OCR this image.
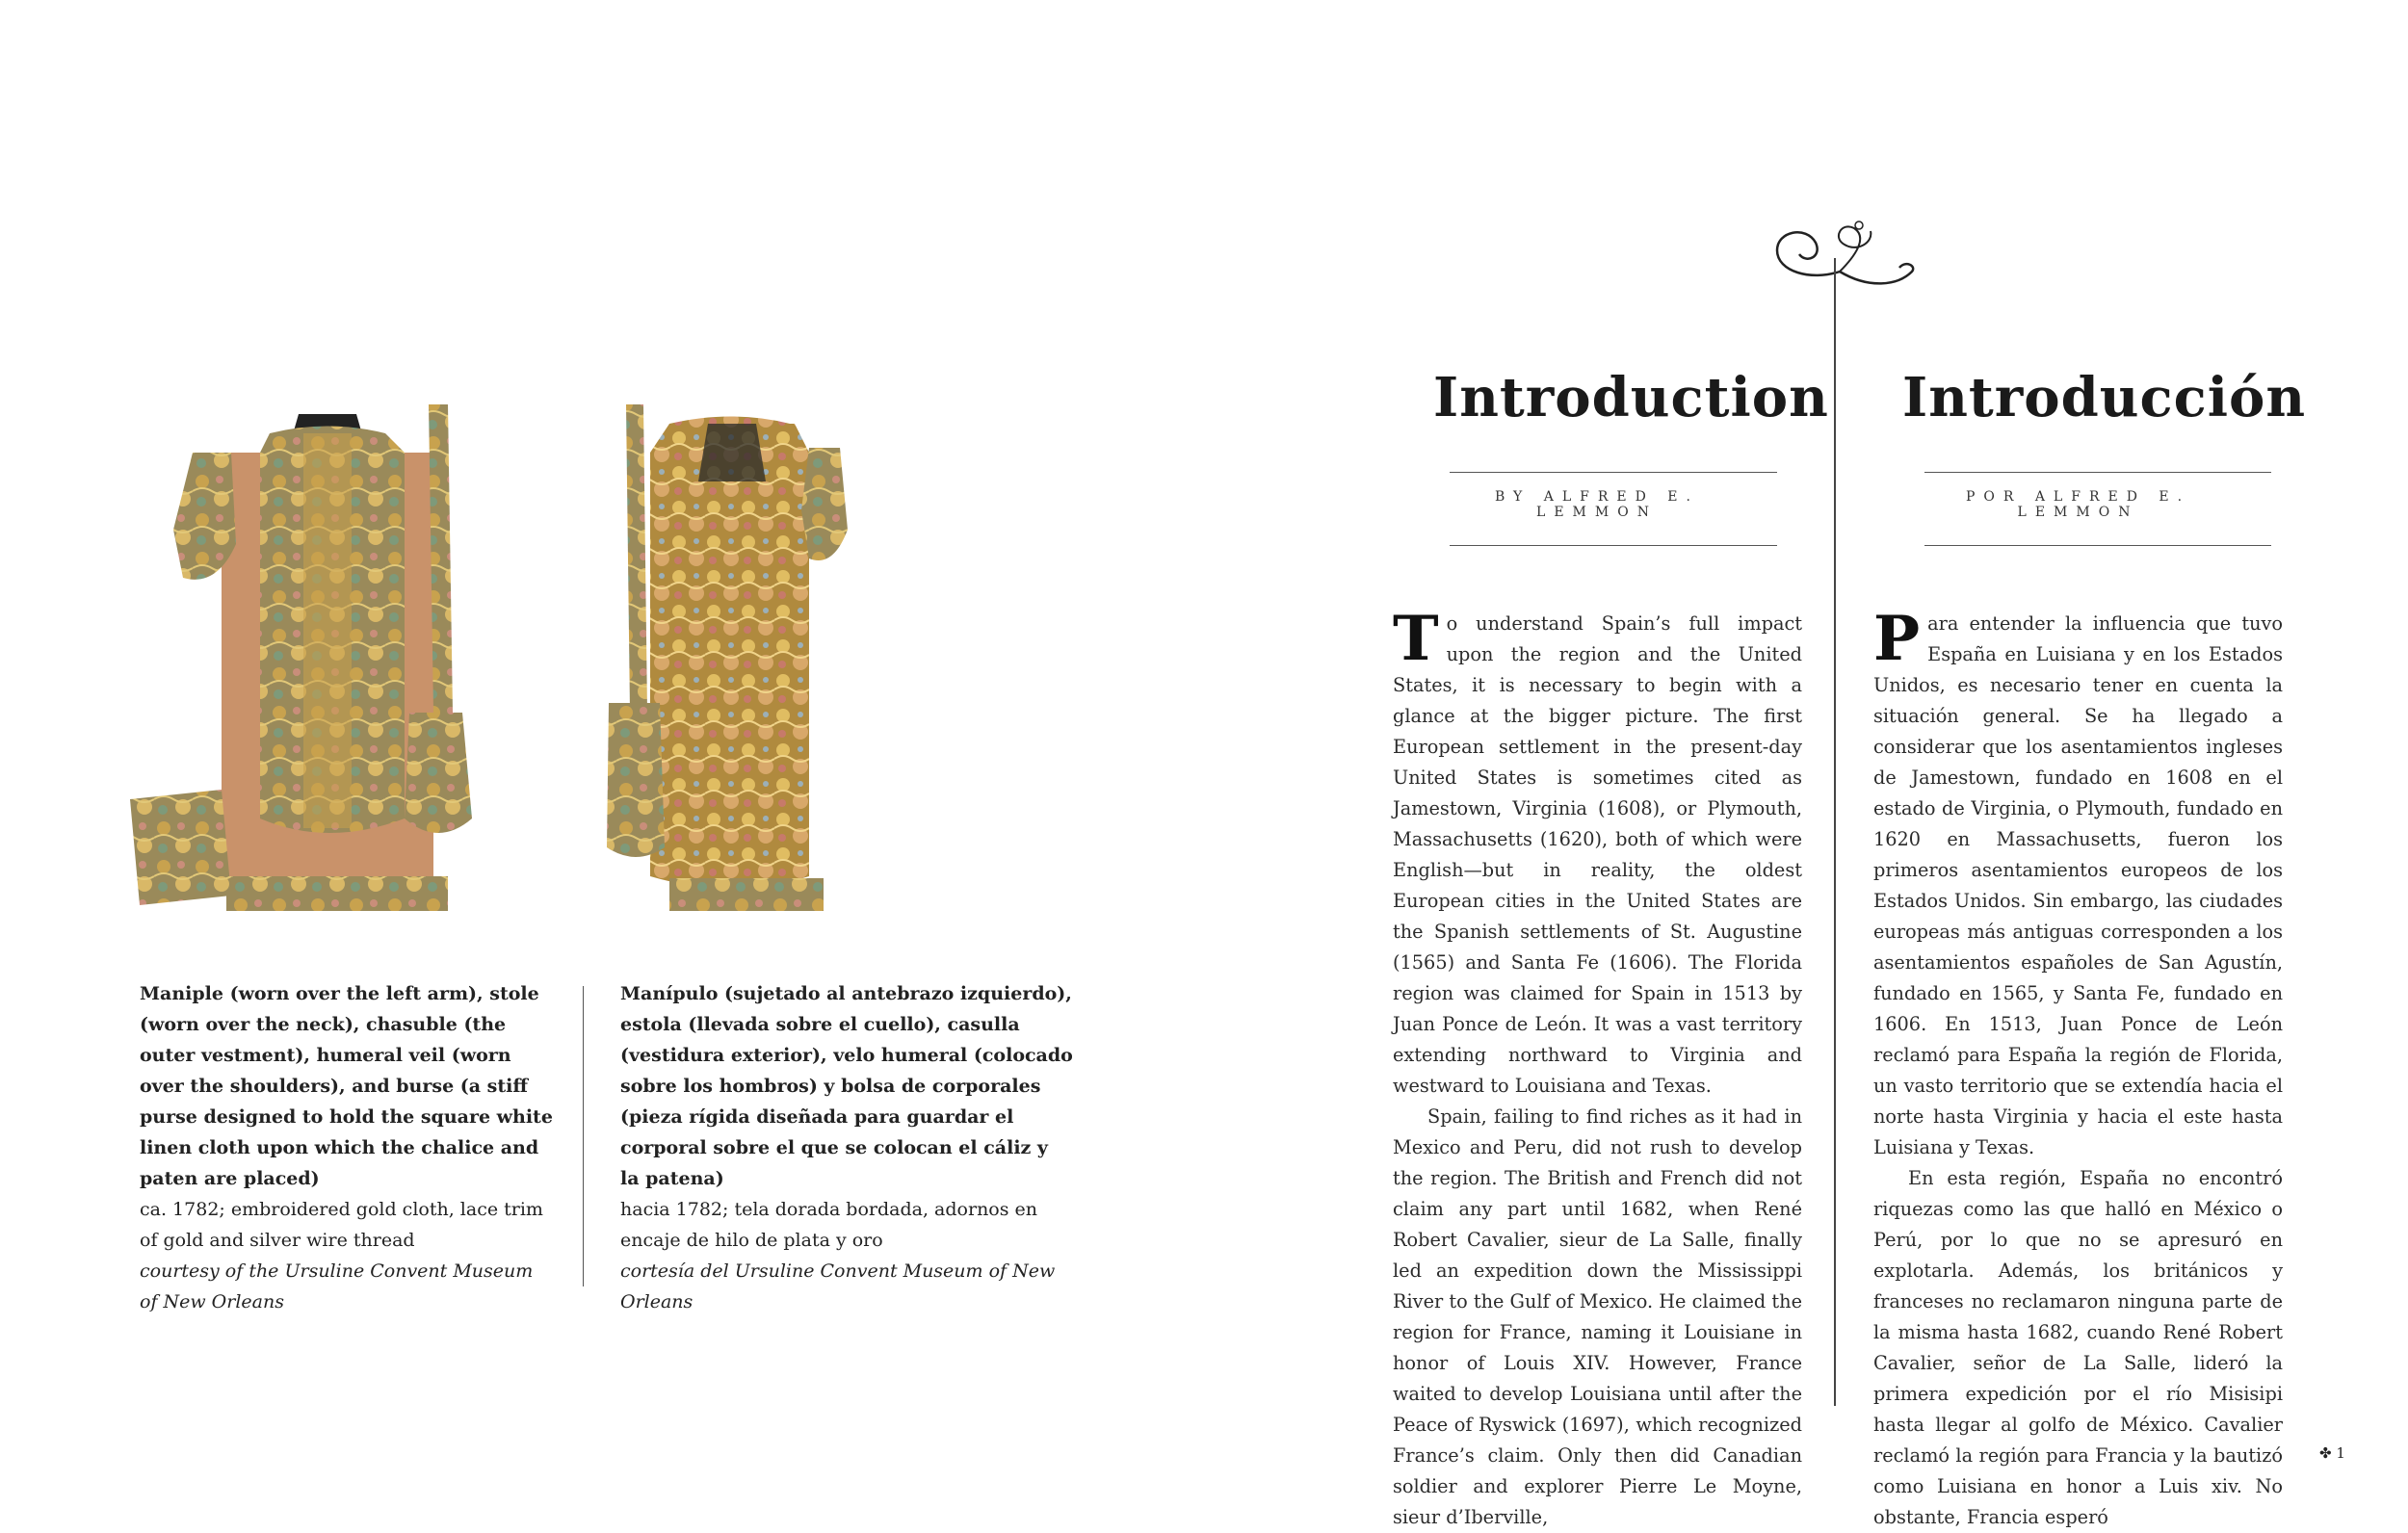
Maniple (worn over the left arm), stole (worn over the neck), chasuble (the outer vestment), humeral veil (worn over the shoulders), and burse (a stiff purse designed to hold the square white linen cloth upon which the chalice and paten are placed)

ca. 1782; embroidered gold cloth, lace trim of gold and silver wire thread

courtesy of the Ursuline Convent Museum of New Orleans

Manípulo (sujetado al antebrazo izquierdo), estola (llevada sobre el cuello), casulla (vestidura exterior), velo humeral (colocado sobre los hombros) y bolsa de corporales (pieza rígida diseñada para guardar el corporal sobre el que se colocan el cáliz y la patena)

hacia 1782; tela dorada bordada, adornos en encaje de hilo de plata y oro

cortesía del Ursuline Convent Museum of New Orleans

Introduction Introducción
BY ALFRED E. LEMMON
POR ALFRED E. LEMMON

To understand Spain’s full impact upon the region and the United States, it is necessary to begin with a glance at the bigger picture. The first European settlement in the present-day United States is sometimes cited as Jamestown, Virginia (1608), or Plymouth, Massachusetts (1620), both of which were English—but in reality, the oldest European cities in the United States are the Spanish settlements of St. Augustine (1565) and Santa Fe (1606). The Florida region was claimed for Spain in 1513 by Juan Ponce de León. It was a vast territory extending northward to Virginia and westward to Louisiana and Texas.

Spain, failing to find riches as it had in Mexico and Peru, did not rush to develop the region. The British and French did not claim any part until 1682, when René Robert Cavalier, sieur de La Salle, finally led an expedition down the Mississippi River to the Gulf of Mexico. He claimed the region for France, naming it Louisiane in honor of Louis XIV. However, France waited to develop Louisiana until after the Peace of Ryswick (1697), which recognized France’s claim. Only then did Canadian soldier and explorer Pierre Le Moyne, sieur d’Iberville,

Para entender la influencia que tuvo España en Luisiana y en los Estados Unidos, es necesario tener en cuenta la situación general. Se ha llegado a considerar que los asentamientos ingleses de Jamestown, fundado en 1608 en el estado de Virginia, o Plymouth, fundado en 1620 en Massachusetts, fueron los primeros asentamientos europeos de los Estados Unidos. Sin embargo, las ciudades europeas más antiguas corresponden a los asentamientos españoles de San Agustín, fundado en 1565, y Santa Fe, fundado en 1606. En 1513, Juan Ponce de León reclamó para España la región de Florida, un vasto territorio que se extendía hacia el norte hasta Virginia y hacia el este hasta Luisiana y Texas.

En esta región, España no encontró riquezas como las que halló en México o Perú, por lo que no se apresuró en explotarla. Además, los británicos y franceses no reclamaron ninguna parte de la misma hasta 1682, cuando René Robert Cavalier, señor de La Salle, lideró la primera expedición por el río Misisipi hasta llegar al golfo de México. Cavalier reclamó la región para Francia y la bautizó como Luisiana en honor a Luis xiv. No obstante, Francia esperó

✤ 1
